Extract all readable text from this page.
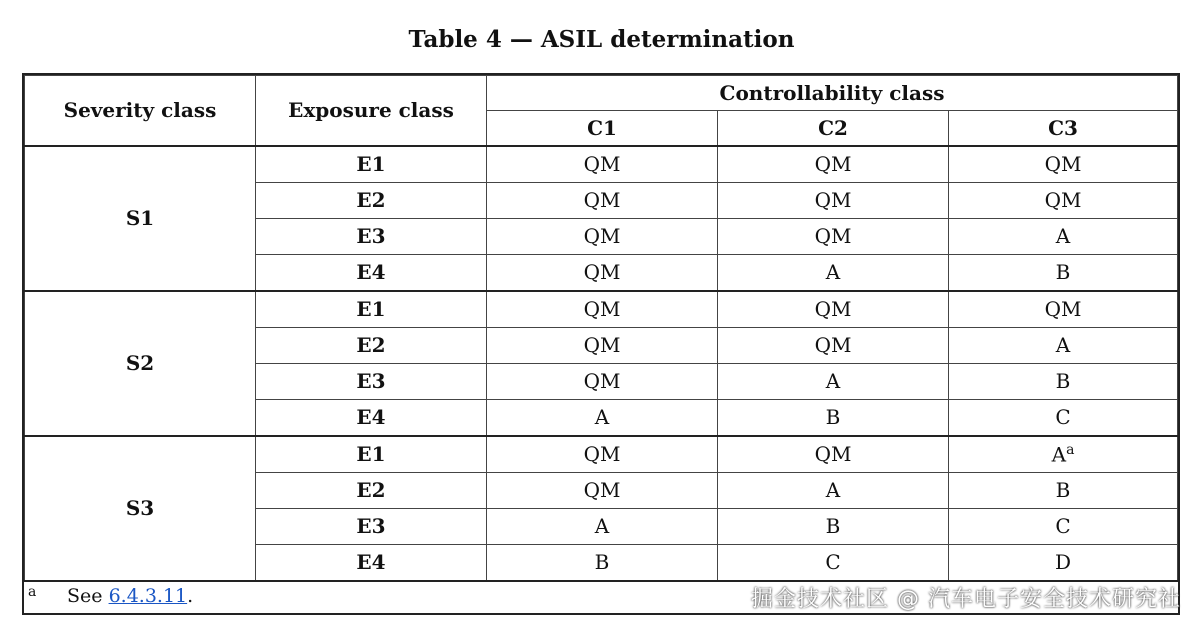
Table 4 — ASIL determination
Severity class	Exposure class	Controllability class		
		C1	C2	C3
S1	E1	QM	QM	QM
	E2	QM	QM	QM
	E3	QM	QM	A
	E4	QM	A	B
S2	E1	QM	QM	QM
	E2	QM	QM	A
	E3	QM	A	B
	E4	A	B	C
S3	E1	QM	QM	A$^a$
	E2	QM	A	B
	E3	A	B	C
	E4	B	C	D
a See 6.4.3.11.	掘金技术社区 @ 汽车电子安全技术研究社
